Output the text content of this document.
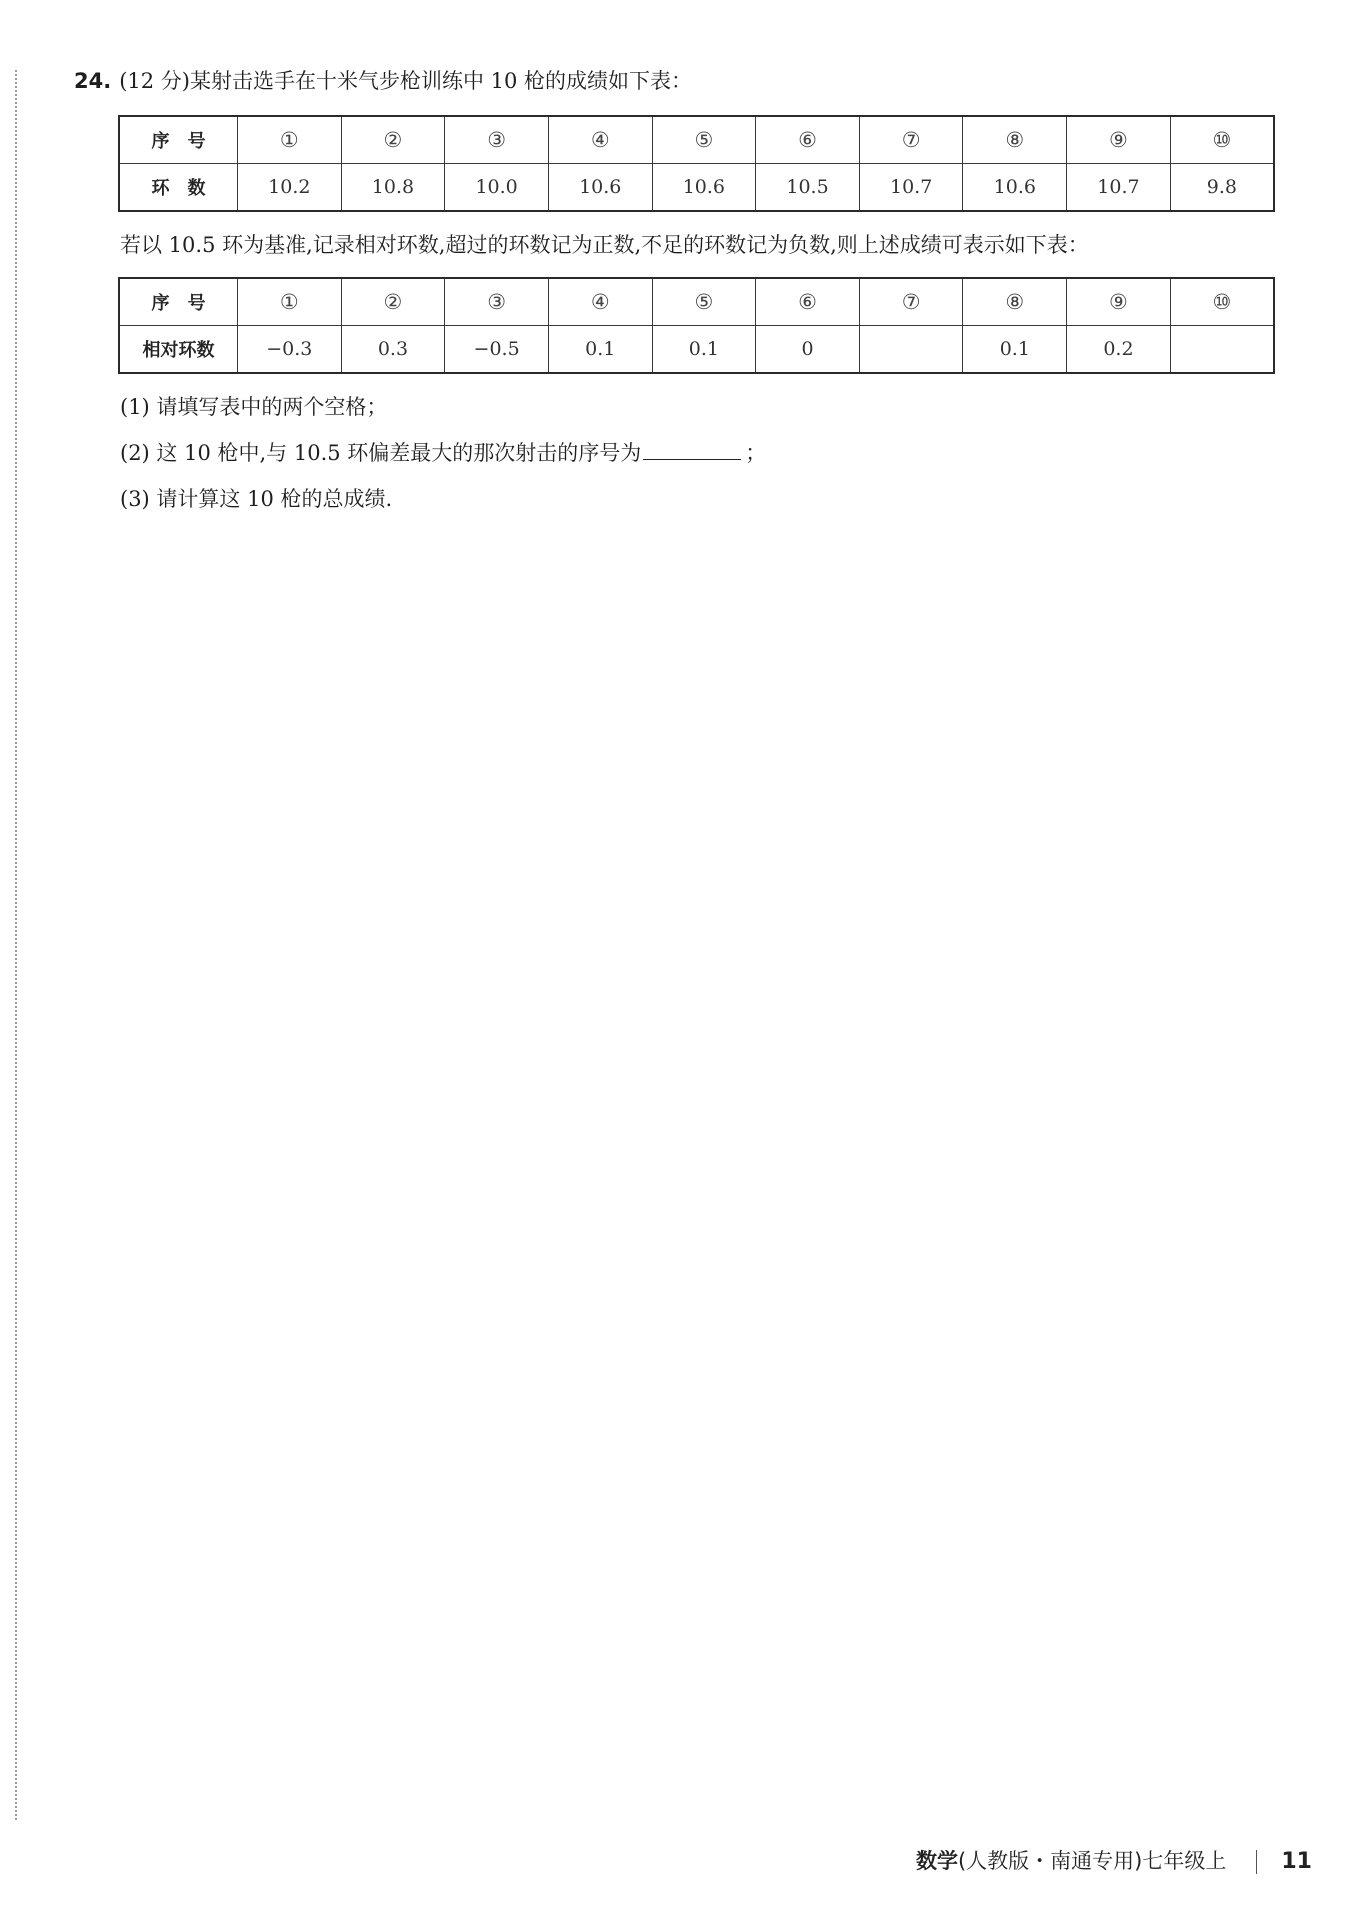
24. (12 分)某射击选手在十米气步枪训练中 10 枪的成绩如下表：
序　号	①	②	③	④	⑤	⑥	⑦	⑧	⑨	⑩
环　数	10.2	10.8	10.0	10.6	10.6	10.5	10.7	10.6	10.7	9.8
若以 10.5 环为基准,记录相对环数,超过的环数记为正数,不足的环数记为负数,则上述成绩可表示如下表：
序　号	①	②	③	④	⑤	⑥	⑦	⑧	⑨	⑩
相对环数	−0.3	0.3	−0.5	0.1	0.1	0		0.1	0.2	
(1) 请填写表中的两个空格；
(2) 这 10 枪中,与 10.5 环偏差最大的那次射击的序号为	；
(3) 请计算这 10 枪的总成绩.
数学(人教版・南通专用)七年级上	11
